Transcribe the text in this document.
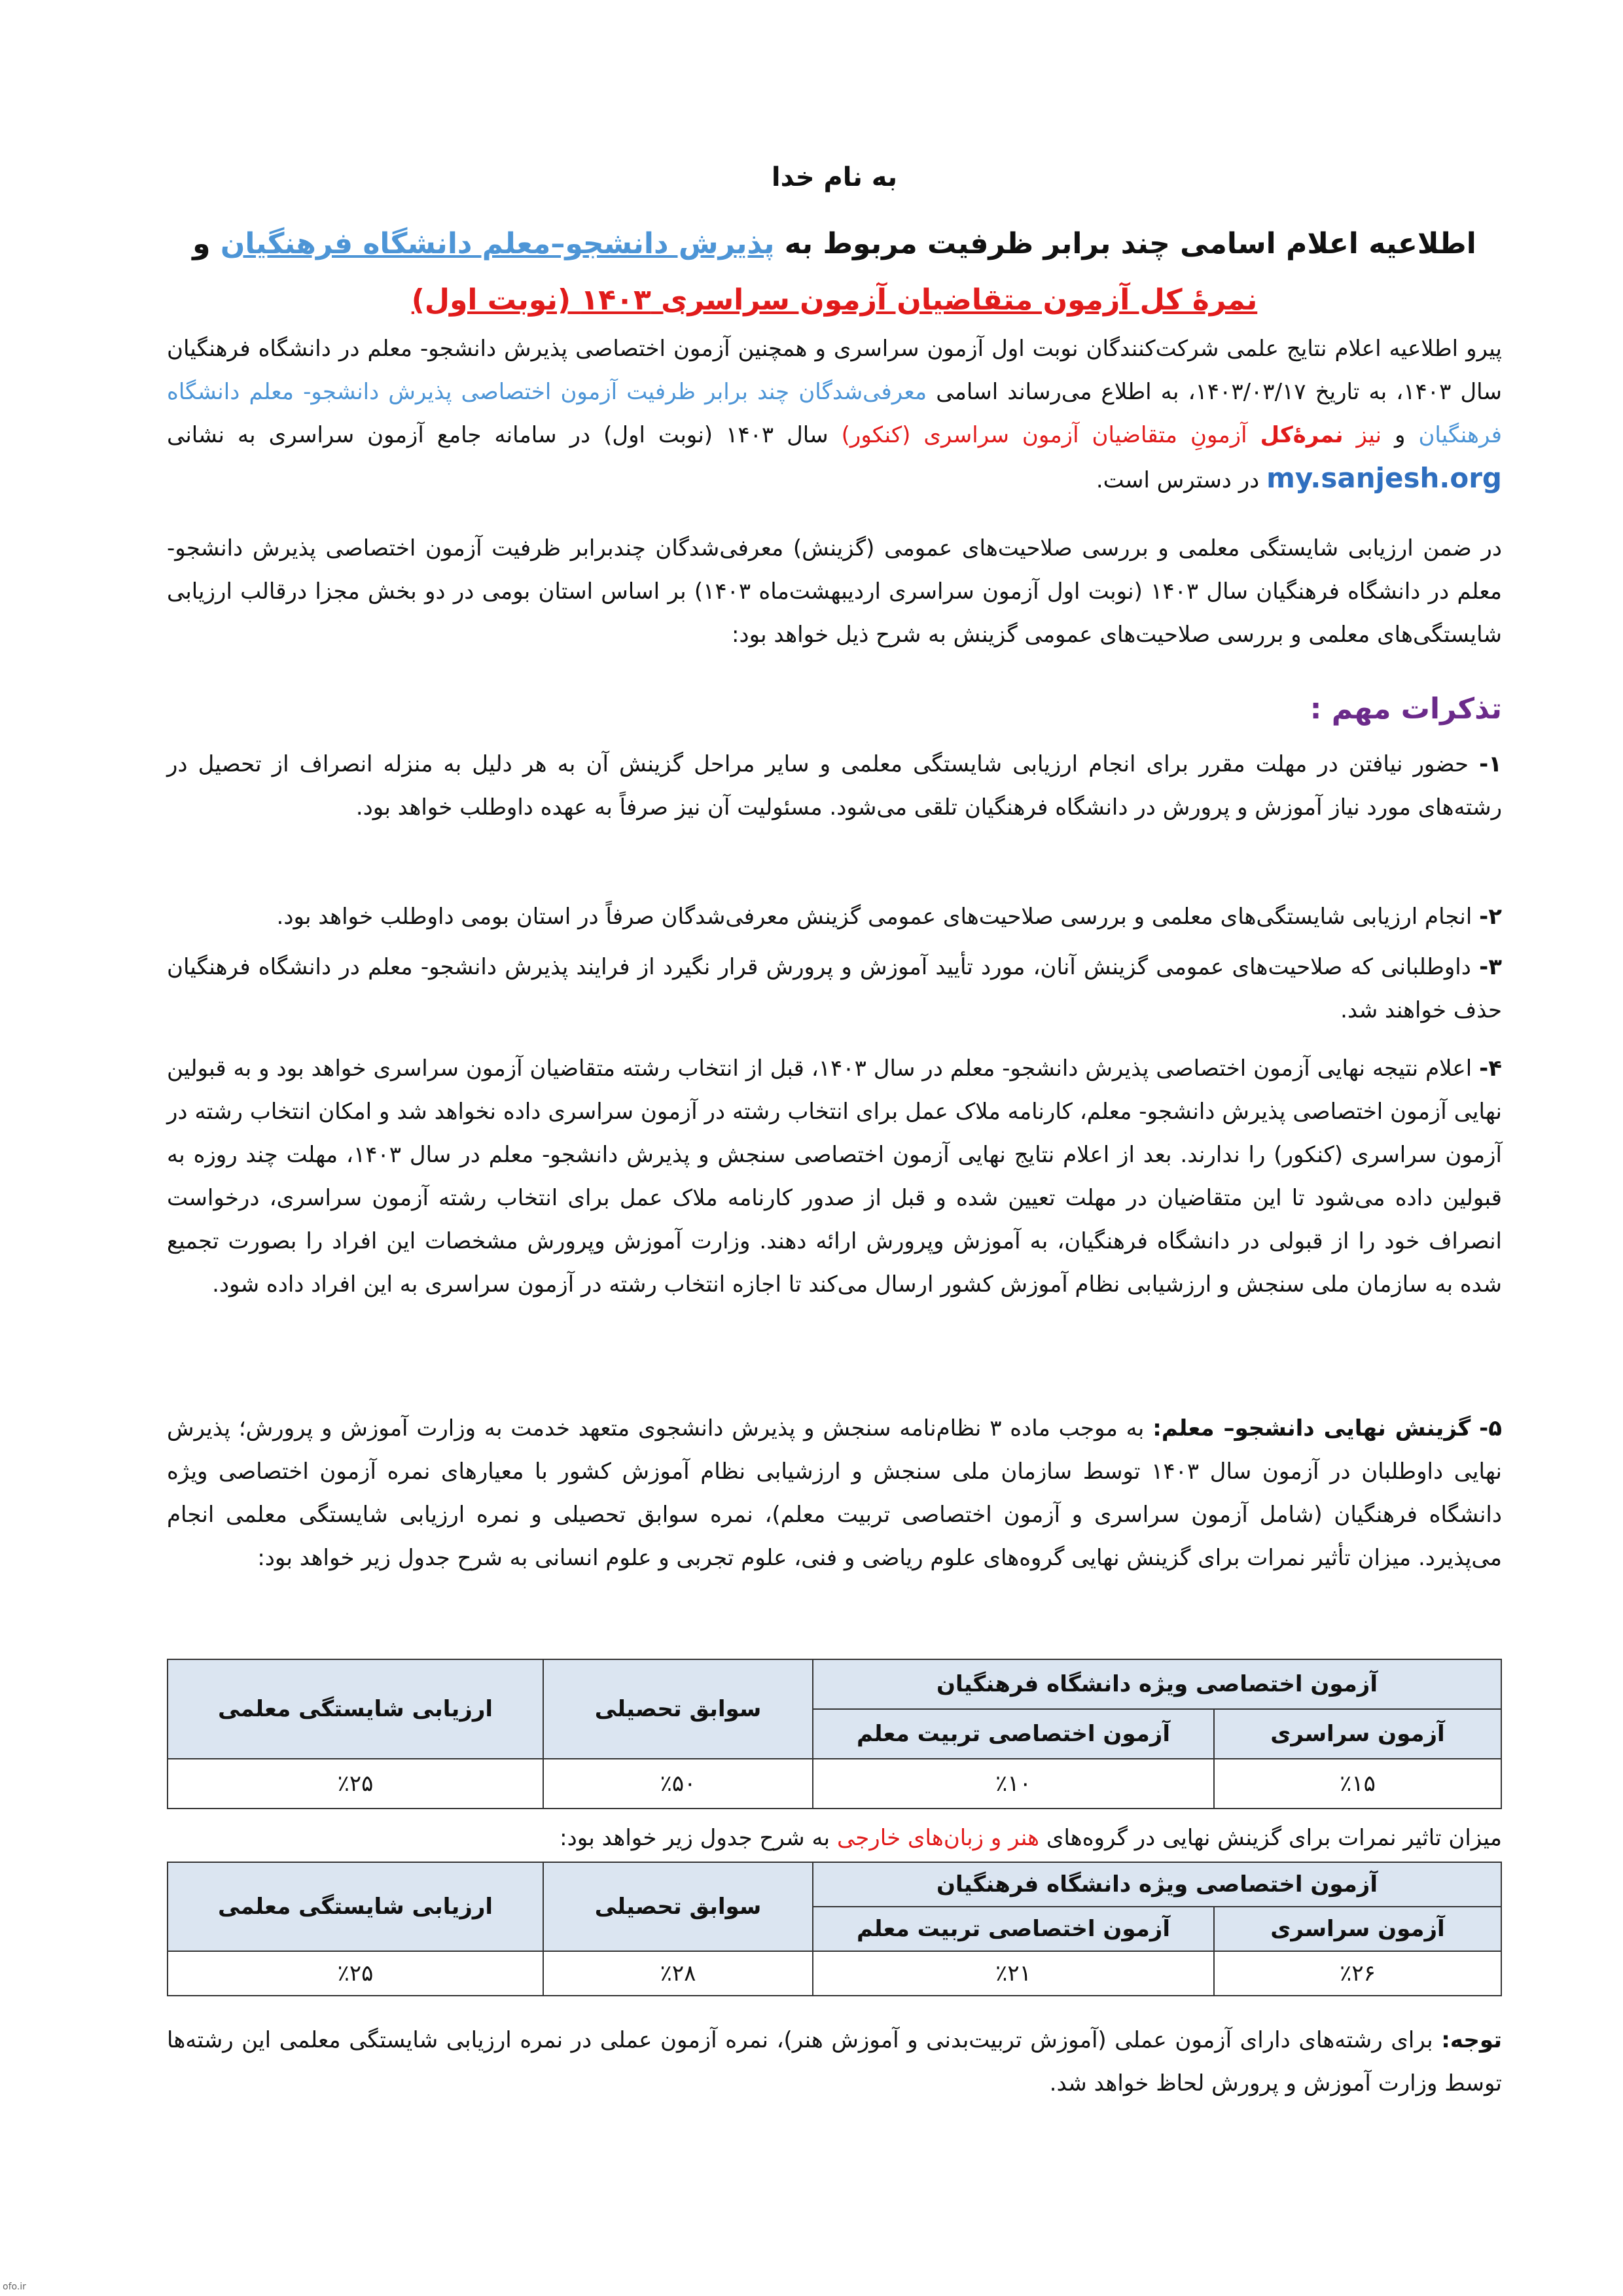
به نام خدا
اطلاعیه اعلام اسامی چند برابر ظرفیت مربوط به پذیرش دانشجو–معلم دانشگاه فرهنگیان و نمرۀ کل آزمون متقاضیان آزمون سراسری ۱۴۰۳ (نوبت اول)
پیرو اطلاعیه اعلام نتایج علمی شرکت‌کنندگان نوبت اول آزمون سراسری و همچنین آزمون اختصاصی پذیرش دانشجو- معلم در دانشگاه فرهنگیان سال ۱۴۰۳، به تاریخ ۱۴۰۳/۰۳/۱۷، به اطلاع می‌رساند اسامی معرفی‌شدگان چند برابر ظرفیت آزمون اختصاصی پذیرش دانشجو- معلم دانشگاه فرهنگیان و نیز نمرۀکل آزمونِ متقاضیان آزمون سراسری (کنکور) سال ۱۴۰۳ (نوبت اول) در سامانه جامع آزمون سراسری به نشانی my.sanjesh.org در دسترس است.
در ضمن ارزیابی شایستگی معلمی و بررسی صلاحیت‌های عمومی (گزینش) معرفی‌شدگان چندبرابر ظرفیت آزمون اختصاصی پذیرش دانشجو- معلم در دانشگاه فرهنگیان سال ۱۴۰۳ (نوبت اول آزمون سراسری اردیبهشت‌ماه ۱۴۰۳) بر اساس استان بومی در دو بخش مجزا درقالب ارزیابی شایستگی‌های معلمی و بررسی صلاحیت‌های عمومی گزینش به شرح ذیل خواهد بود:
تذکرات مهم :
۱- حضور نیافتن در مهلت مقرر برای انجام ارزیابی شایستگی معلمی و سایر مراحل گزینش آن به هر دلیل به منزله انصراف از تحصیل در رشته‌های مورد نیاز آموزش و پرورش در دانشگاه فرهنگیان تلقی می‌شود. مسئولیت آن نیز صرفاً به عهده داوطلب خواهد بود.
۲- انجام ارزیابی شایستگی‌های معلمی و بررسی صلاحیت‌های عمومی گزینش معرفی‌شدگان صرفاً در استان بومی داوطلب خواهد بود.
۳- داوطلبانی که صلاحیت‌های عمومی گزینش آنان، مورد تأیید آموزش و پرورش قرار نگیرد از فرایند پذیرش دانشجو- معلم در دانشگاه فرهنگیان حذف خواهند شد.
۴- اعلام نتیجه نهایی آزمون اختصاصی پذیرش دانشجو- معلم در سال ۱۴۰۳، قبل از انتخاب رشته متقاضیان آزمون سراسری خواهد بود و به قبولین نهایی آزمون اختصاصی پذیرش دانشجو- معلم، کارنامه ملاک عمل برای انتخاب رشته در آزمون سراسری داده نخواهد شد و امکان انتخاب رشته در آزمون سراسری (کنکور) را ندارند. بعد از اعلام نتایج نهایی آزمون اختصاصی سنجش و پذیرش دانشجو- معلم در سال ۱۴۰۳، مهلت چند روزه به قبولین داده می‌شود تا این متقاضیان در مهلت تعیین شده و قبل از صدور کارنامه ملاک عمل برای انتخاب رشته آزمون سراسری، درخواست انصراف خود را از قبولی در دانشگاه فرهنگیان، به آموزش وپرورش ارائه دهند. وزارت آموزش وپرورش مشخصات این افراد را بصورت تجمیع شده به سازمان ملی سنجش و ارزشیابی نظام آموزش کشور ارسال می‌کند تا اجازه انتخاب رشته در آزمون سراسری به این افراد داده شود.
۵- گزینش نهایی دانشجو– معلم: به موجب ماده ۳ نظام‌نامه سنجش و پذیرش دانشجوی متعهد خدمت به وزارت آموزش و پرورش؛ پذیرش نهایی داوطلبان در آزمون سال ۱۴۰۳ توسط سازمان ملی سنجش و ارزشیابی نظام آموزش کشور با معیارهای نمره آزمون اختصاصی ویژه دانشگاه فرهنگیان (شامل آزمون سراسری و آزمون اختصاصی تربیت معلم)، نمره سوابق تحصیلی و نمره ارزیابی شایستگی معلمی انجام می‌پذیرد. میزان تأثیر نمرات برای گزینش نهایی گروه‌های علوم ریاضی و فنی، علوم تجربی و علوم انسانی به شرح جدول زیر خواهد بود:
آزمون اختصاصی ویژه دانشگاه فرهنگیان		سوابق تحصیلی	ارزیابی شایستگی معلمی
آزمون سراسری	آزمون اختصاصی تربیت معلم		
٪۱۵	٪۱۰	٪۵۰	٪۲۵
میزان تاثیر نمرات برای گزینش نهایی در گروه‌های هنر و زبان‌های خارجی به شرح جدول زیر خواهد بود:
آزمون اختصاصی ویژه دانشگاه فرهنگیان		سوابق تحصیلی	ارزیابی شایستگی معلمی
آزمون سراسری	آزمون اختصاصی تربیت معلم		
٪۲۶	٪۲۱	٪۲۸	٪۲۵
توجه: برای رشته‌های دارای آزمون عملی (آموزش تربیت‌بدنی و آموزش هنر)، نمره آزمون عملی در نمره ارزیابی شایستگی معلمی این رشته‌ها توسط وزارت آموزش و پرورش لحاظ خواهد شد.
ofo.ir
